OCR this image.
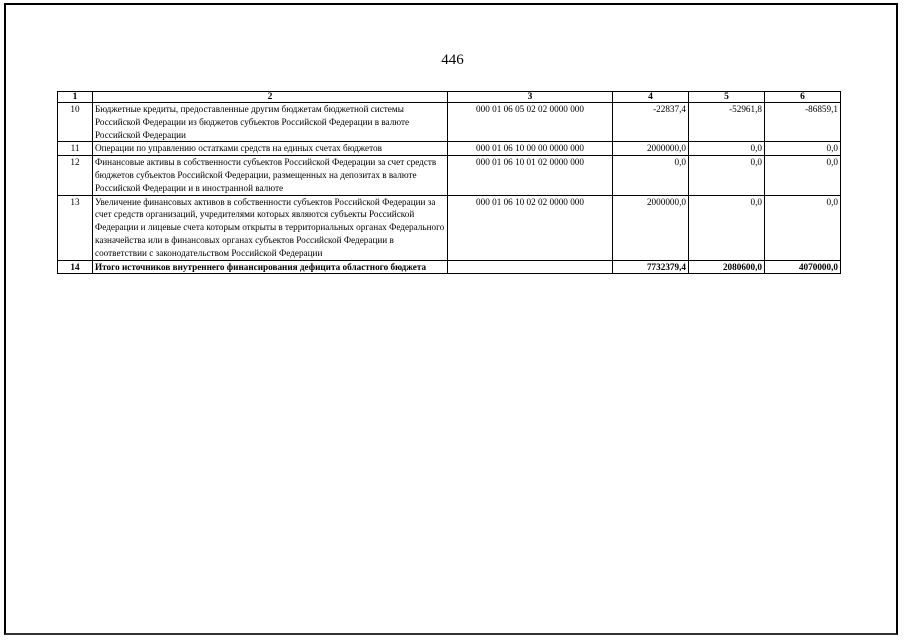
446
1	2	3	4	5	6
10	Бюджетные кредиты, предоставленные другим бюджетам бюджетной системы Российской Федерации из бюджетов субъектов Российской Федерации в валюте Российской Федерации	000 01 06 05 02 02 0000 000	-22837,4	-52961,8	-86859,1
11	Операции по управлению остатками средств на единых счетах бюджетов	000 01 06 10 00 00 0000 000	2000000,0	0,0	0,0
12	Финансовые активы в собственности субъектов Российской Федерации за счет средств бюджетов субъектов Российской Федерации, размещенных на депозитах в валюте Российской Федерации и в иностранной валюте	000 01 06 10 01 02 0000 000	0,0	0,0	0,0
13	Увеличение финансовых активов в собственности субъектов Российской Федерации за счет средств организаций, учредителями которых являются субъекты Российской Федерации и лицевые счета которым открыты в территориальных органах Федерального казначейства или в финансовых органах субъектов Российской Федерации в соответствии с законодательством Российской Федерации	000 01 06 10 02 02 0000 000	2000000,0	0,0	0,0
14	Итого источников внутреннего финансирования дефицита областного бюджета		7732379,4	2080600,0	4070000,0
